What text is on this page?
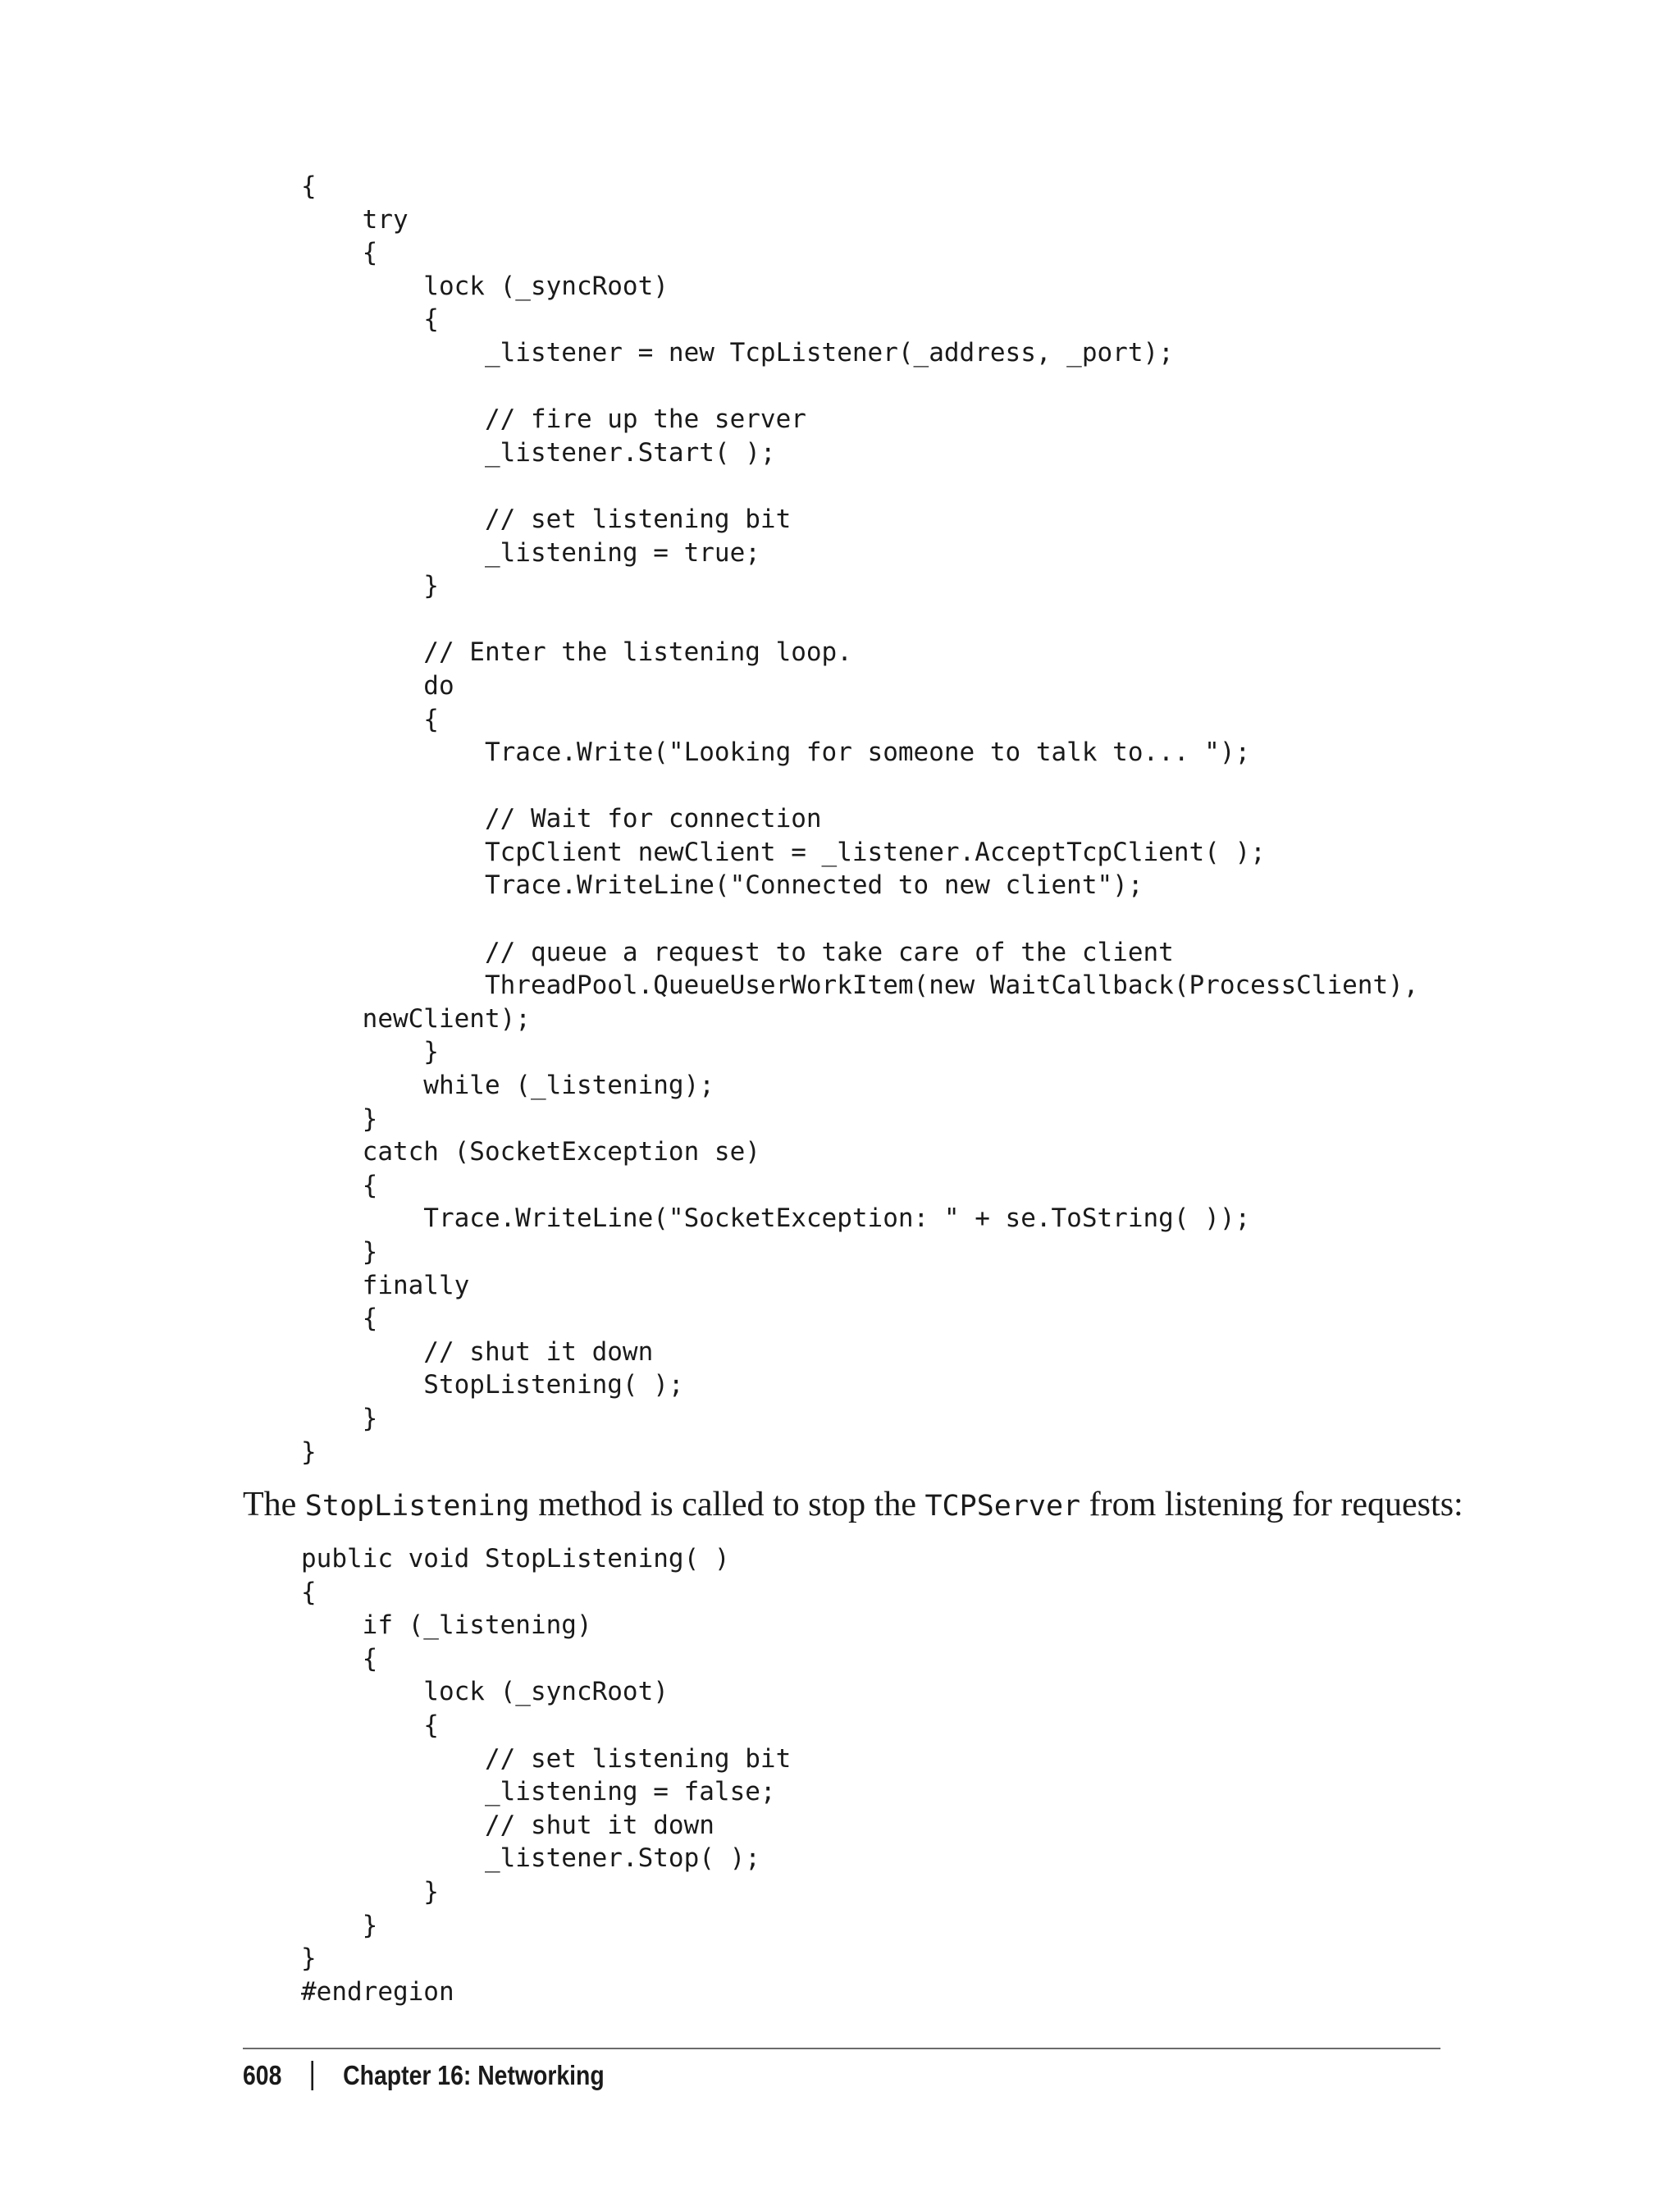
{
try
{
lock (_syncRoot)
{
_listener = new TcpListener(_address, _port);

// fire up the server
_listener.Start( );

// set listening bit
_listening = true;
}

// Enter the listening loop.
do
{
Trace.Write("Looking for someone to talk to... ");

// Wait for connection
TcpClient newClient = _listener.AcceptTcpClient( );
Trace.WriteLine("Connected to new client");

// queue a request to take care of the client
ThreadPool.QueueUserWorkItem(new WaitCallback(ProcessClient),
newClient);
}
while (_listening);
}
catch (SocketException se)
{
Trace.WriteLine("SocketException: " + se.ToString( ));
}
finally
{
// shut it down
StopListening( );
}
}

The StopListening method is called to stop the TCPServer from listening for requests:

public void StopListening( )
{
if (_listening)
{
lock (_syncRoot)
{
// set listening bit
_listening = false;
// shut it down
_listener.Stop( );
}
}
}
#endregion
608 Chapter 16: Networking
